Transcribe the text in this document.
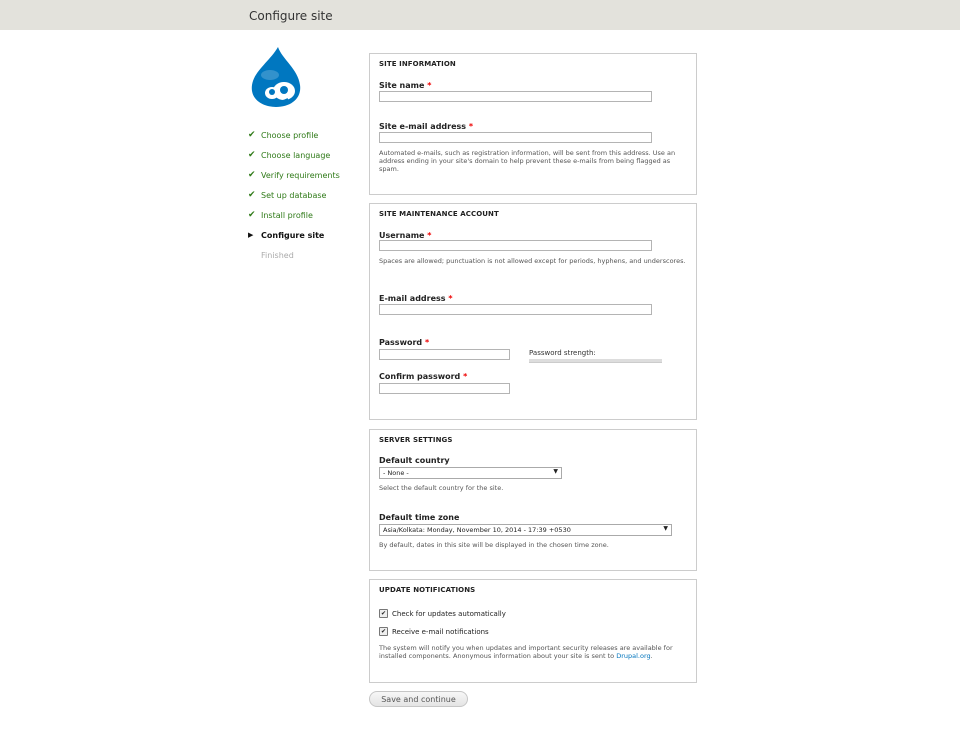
Configure site
✔ Choose profile
✔ Choose language
✔ Verify requirements
✔ Set up database
✔ Install profile
▶ Configure site
Finished
SITE INFORMATION
Site name *
Site e-mail address *
Automated e-mails, such as registration information, will be sent from this address. Use an address ending in your site's domain to help prevent these e-mails from being flagged as spam.
SITE MAINTENANCE ACCOUNT
Username *
Spaces are allowed; punctuation is not allowed except for periods, hyphens, and underscores.
E-mail address *
Password *
Confirm password *
Password strength:
SERVER SETTINGS
Default country
- None -	▼
Select the default country for the site.
Default time zone
Asia/Kolkata: Monday, November 10, 2014 - 17:39 +0530	▼
By default, dates in this site will be displayed in the chosen time zone.
UPDATE NOTIFICATIONS
✔ Check for updates automatically
✔ Receive e-mail notifications
The system will notify you when updates and important security releases are available for installed components. Anonymous information about your site is sent to Drupal.org.
Save and continue
